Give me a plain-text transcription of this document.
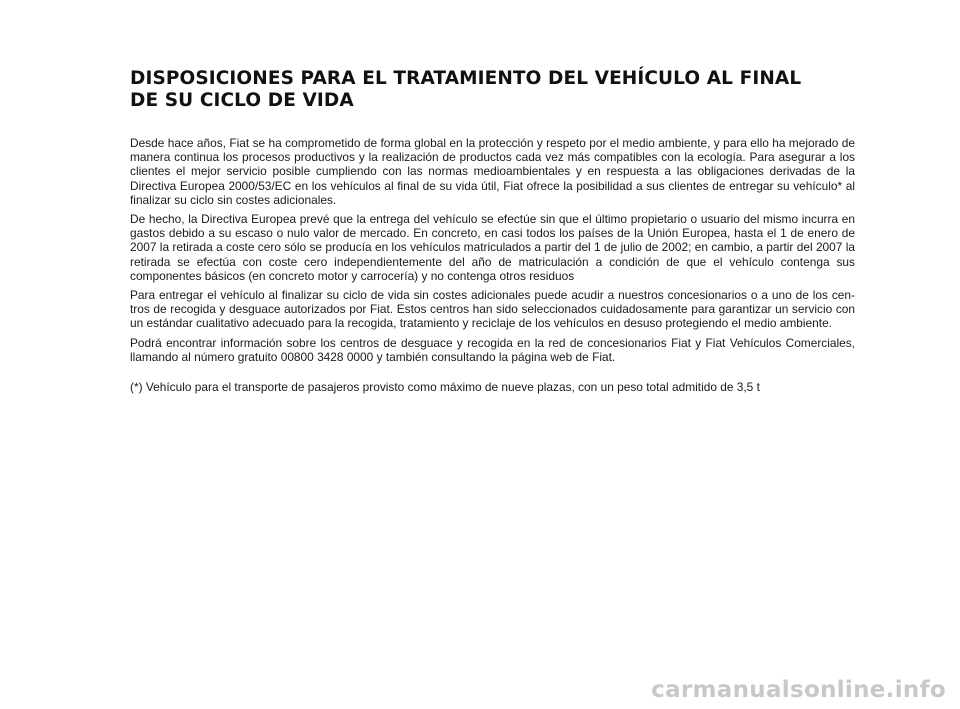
DISPOSICIONES PARA EL TRATAMIENTO DEL VEHÍCULO AL FINAL
DE SU CICLO DE VIDA

Desde hace años, Fiat se ha comprometido de forma global en la protección y respeto por el medio ambiente, y para ello ha mejorado de manera continua los procesos productivos y la realización de productos cada vez más compatibles con la ecología. Para asegurar a los clientes el mejor servicio posible cumpliendo con las normas medioambientales y en respuesta a las obligaciones derivadas de la Directiva Europea 2000/53/EC en los vehículos al final de su vida útil, Fiat ofrece la posibilidad a sus clientes de entregar su vehículo* al finalizar su ciclo sin costes adicionales.

De hecho, la Directiva Europea prevé que la entrega del vehículo se efectúe sin que el último propietario o usuario del mismo incurra en gastos debido a su escaso o nulo valor de mercado. En concreto, en casi todos los países de la Unión Europea, hasta el 1 de enero de 2007 la retirada a coste cero sólo se producía en los vehículos matriculados a partir del 1 de julio de 2002; en cambio, a partir del 2007 la retirada se efectúa con coste cero independientemente del año de matriculación a condición de que el vehículo contenga sus componentes básicos (en concreto motor y carrocería) y no contenga otros residuos

Para entregar el vehículo al finalizar su ciclo de vida sin costes adicionales puede acudir a nuestros concesionarios o a uno de los centros de recogida y desguace autorizados por Fiat. Estos centros han sido seleccionados cuidadosamente para garantizar un servicio con un estándar cualitativo adecuado para la recogida, tratamiento y reciclaje de los vehículos en desuso protegiendo el medio ambiente.

Podrá encontrar información sobre los centros de desguace y recogida en la red de concesionarios Fiat y Fiat Vehículos Comerciales, llamando al número gratuito 00800 3428 0000 y también consultando la página web de Fiat.

(*) Vehículo para el transporte de pasajeros provisto como máximo de nueve plazas, con un peso total admitido de 3,5 t

carmanualsonline.info
